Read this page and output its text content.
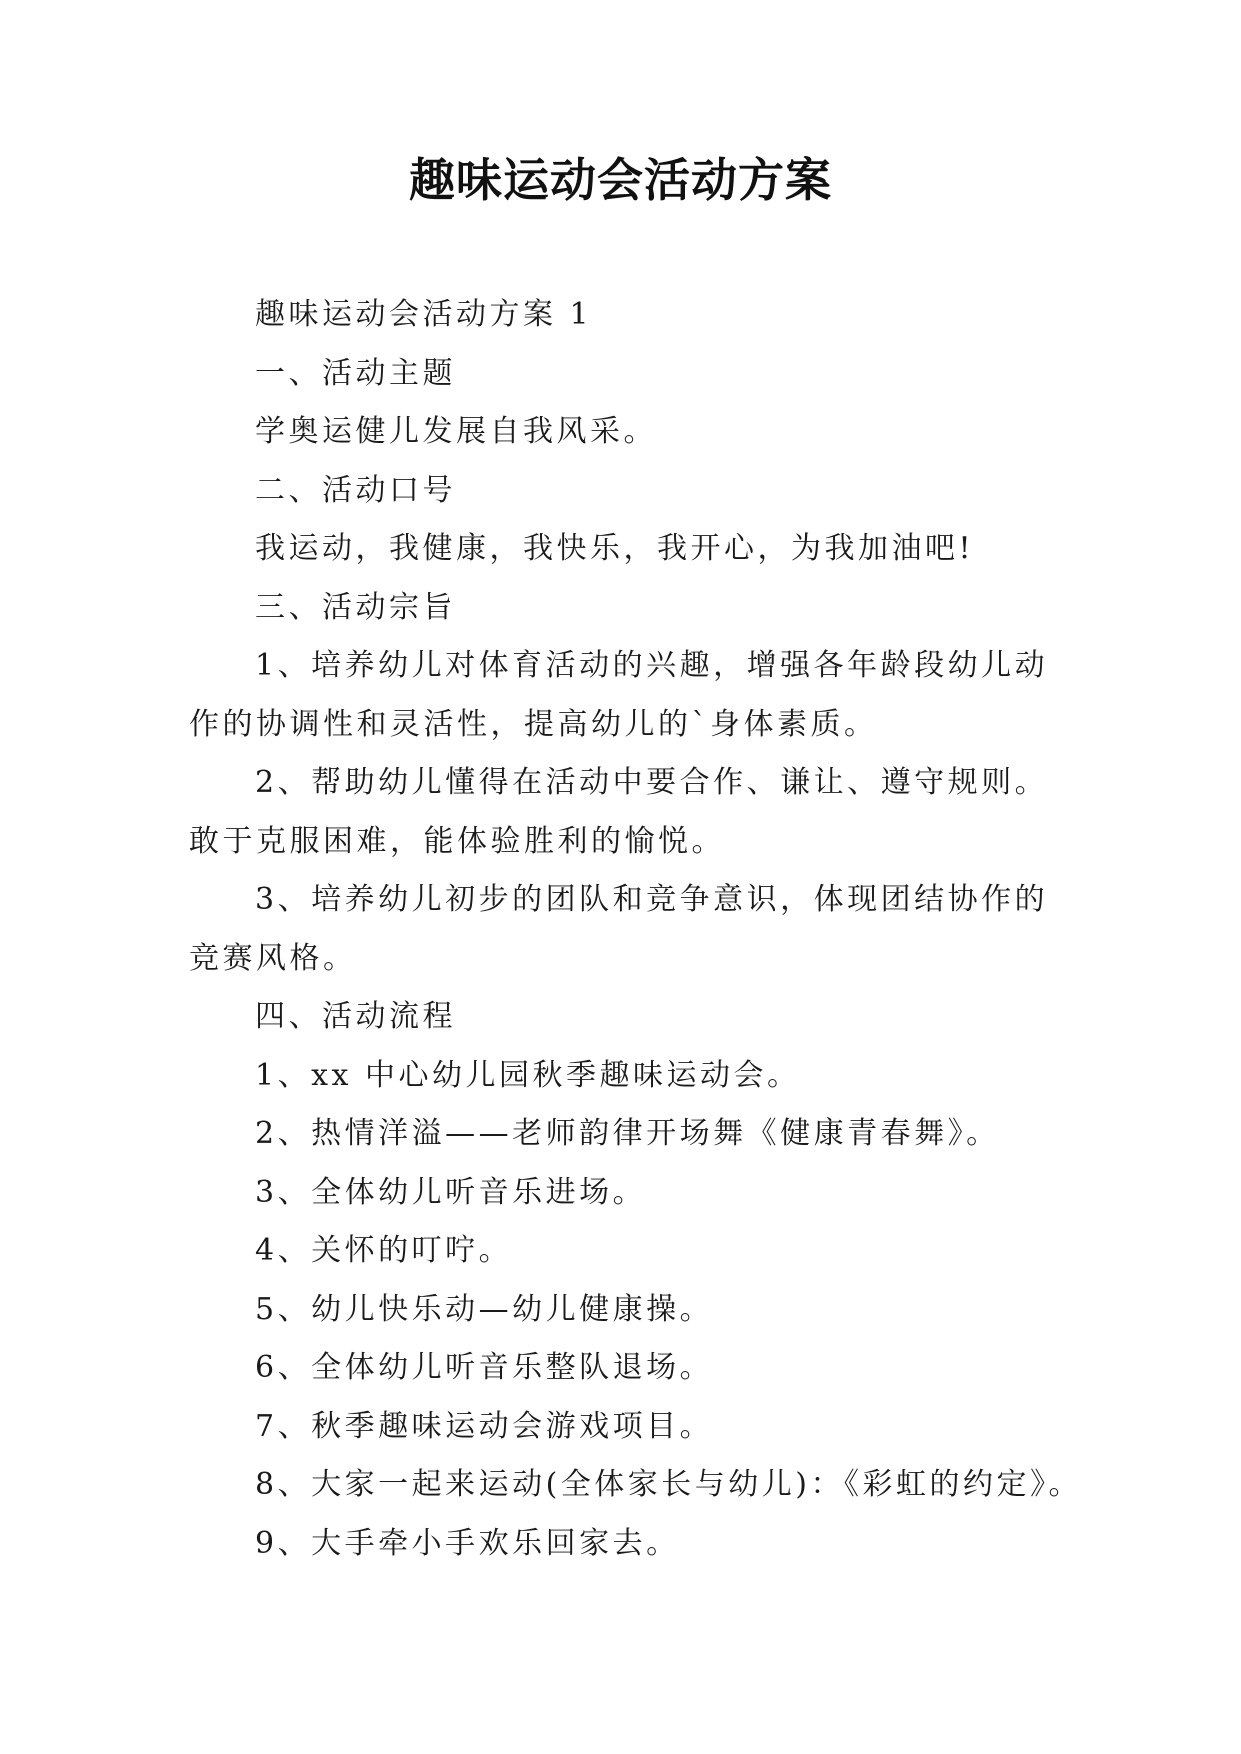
趣味运动会活动方案

趣味运动会活动方案 1

一、活动主题

学奥运健儿发展自我风采。

二、活动口号

我运动，我健康，我快乐，我开心，为我加油吧!

三、活动宗旨

1、培养幼儿对体育活动的兴趣，增强各年龄段幼儿动作的协调性和灵活性，提高幼儿的`身体素质。

2、帮助幼儿懂得在活动中要合作、谦让、遵守规则。敢于克服困难，能体验胜利的愉悦。

3、培养幼儿初步的团队和竞争意识，体现团结协作的竞赛风格。

四、活动流程

1、xx 中心幼儿园秋季趣味运动会。

2、热情洋溢——老师韵律开场舞《健康青春舞》。

3、全体幼儿听音乐进场。

4、关怀的叮咛。

5、幼儿快乐动—幼儿健康操。

6、全体幼儿听音乐整队退场。

7、秋季趣味运动会游戏项目。

8、大家一起来运动(全体家长与幼儿)：《彩虹的约定》。

9、大手牵小手欢乐回家去。
